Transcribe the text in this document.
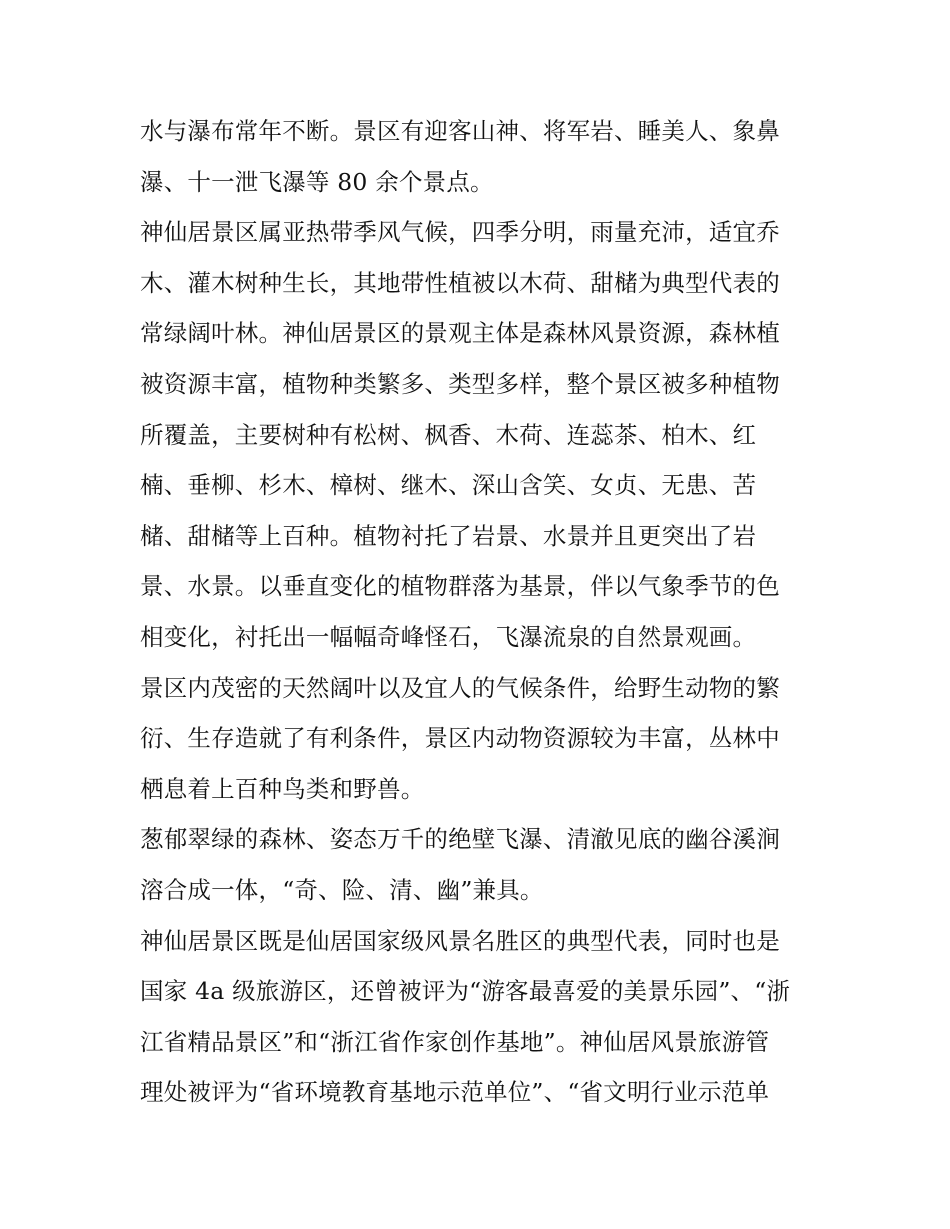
水与瀑布常年不断。景区有迎客山神、将军岩、睡美人、象鼻
瀑、十一泄飞瀑等 80 余个景点。
神仙居景区属亚热带季风气候，四季分明，雨量充沛，适宜乔
木、灌木树种生长，其地带性植被以木荷、甜槠为典型代表的
常绿阔叶林。神仙居景区的景观主体是森林风景资源，森林植
被资源丰富，植物种类繁多、类型多样，整个景区被多种植物
所覆盖，主要树种有松树、枫香、木荷、连蕊茶、柏木、红
楠、垂柳、杉木、樟树、继木、深山含笑、女贞、无患、苦
槠、甜槠等上百种。植物衬托了岩景、水景并且更突出了岩
景、水景。以垂直变化的植物群落为基景，伴以气象季节的色
相变化，衬托出一幅幅奇峰怪石，飞瀑流泉的自然景观画。
景区内茂密的天然阔叶以及宜人的气候条件，给野生动物的繁
衍、生存造就了有利条件，景区内动物资源较为丰富，丛林中
栖息着上百种鸟类和野兽。
葱郁翠绿的森林、姿态万千的绝壁飞瀑、清澈见底的幽谷溪涧
溶合成一体，“奇、险、清、幽”兼具。
神仙居景区既是仙居国家级风景名胜区的典型代表，同时也是
国家 4a 级旅游区，还曾被评为“游客最喜爱的美景乐园”、“浙
江省精品景区”和“浙江省作家创作基地”。神仙居风景旅游管
理处被评为“省环境教育基地示范单位”、“省文明行业示范单
